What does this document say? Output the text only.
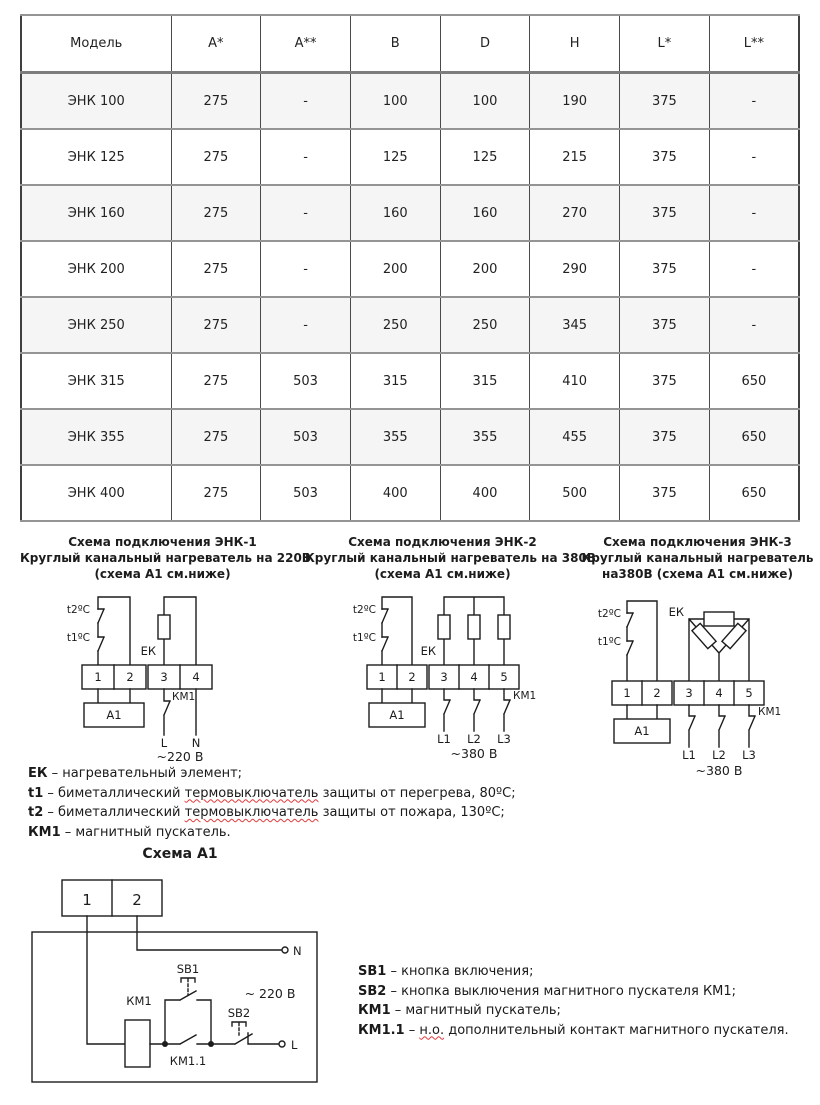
Модель	A*	A**	B	D	H	L*	L**
ЭНК 100	275	-	100	100	190	375	-
ЭНК 125	275	-	125	125	215	375	-
ЭНК 160	275	-	160	160	270	375	-
ЭНК 200	275	-	200	200	290	375	-
ЭНК 250	275	-	250	250	345	375	-
ЭНК 315	275	503	315	315	410	375	650
ЭНК 355	275	503	355	355	455	375	650
ЭНК 400	275	503	400	400	500	375	650
Схема подключения ЭНК-1
Круглый канальный нагреватель на 220В
(схема А1 см.ниже)
t2ºС
t1ºС
ЕК
1 2 3 4
А1
КМ1
L N
~220 В
Схема подключения ЭНК-2
Круглый канальный нагреватель на 380В
(схема А1 см.ниже)
t2ºС
t1ºС
ЕК
1 2 3 4 5
А1
КМ1
L1 L2 L3
~380 В
Схема подключения ЭНК-3
Круглый канальный нагреватель
на380В (схема А1 см.ниже)
t2ºС
t1ºС
ЕК
1 2 3 4 5
А1
КМ1
L1 L2 L3
~380 В
ЕК – нагревательный элемент;
t1 – биметаллический термовыключатель защиты от перегрева, 80ºС;
t2 – биметаллический термовыключатель защиты от пожара, 130ºС;
КМ1 – магнитный пускатель.
Схема А1
1	2
N
КМ1
КМ1.1
SB1
SB2
L
~ 220 В
SB1 – кнопка включения;
SB2 – кнопка выключения магнитного пускателя КМ1;
КМ1 – магнитный пускатель;
КМ1.1 – н.о. дополнительный контакт магнитного пускателя.
